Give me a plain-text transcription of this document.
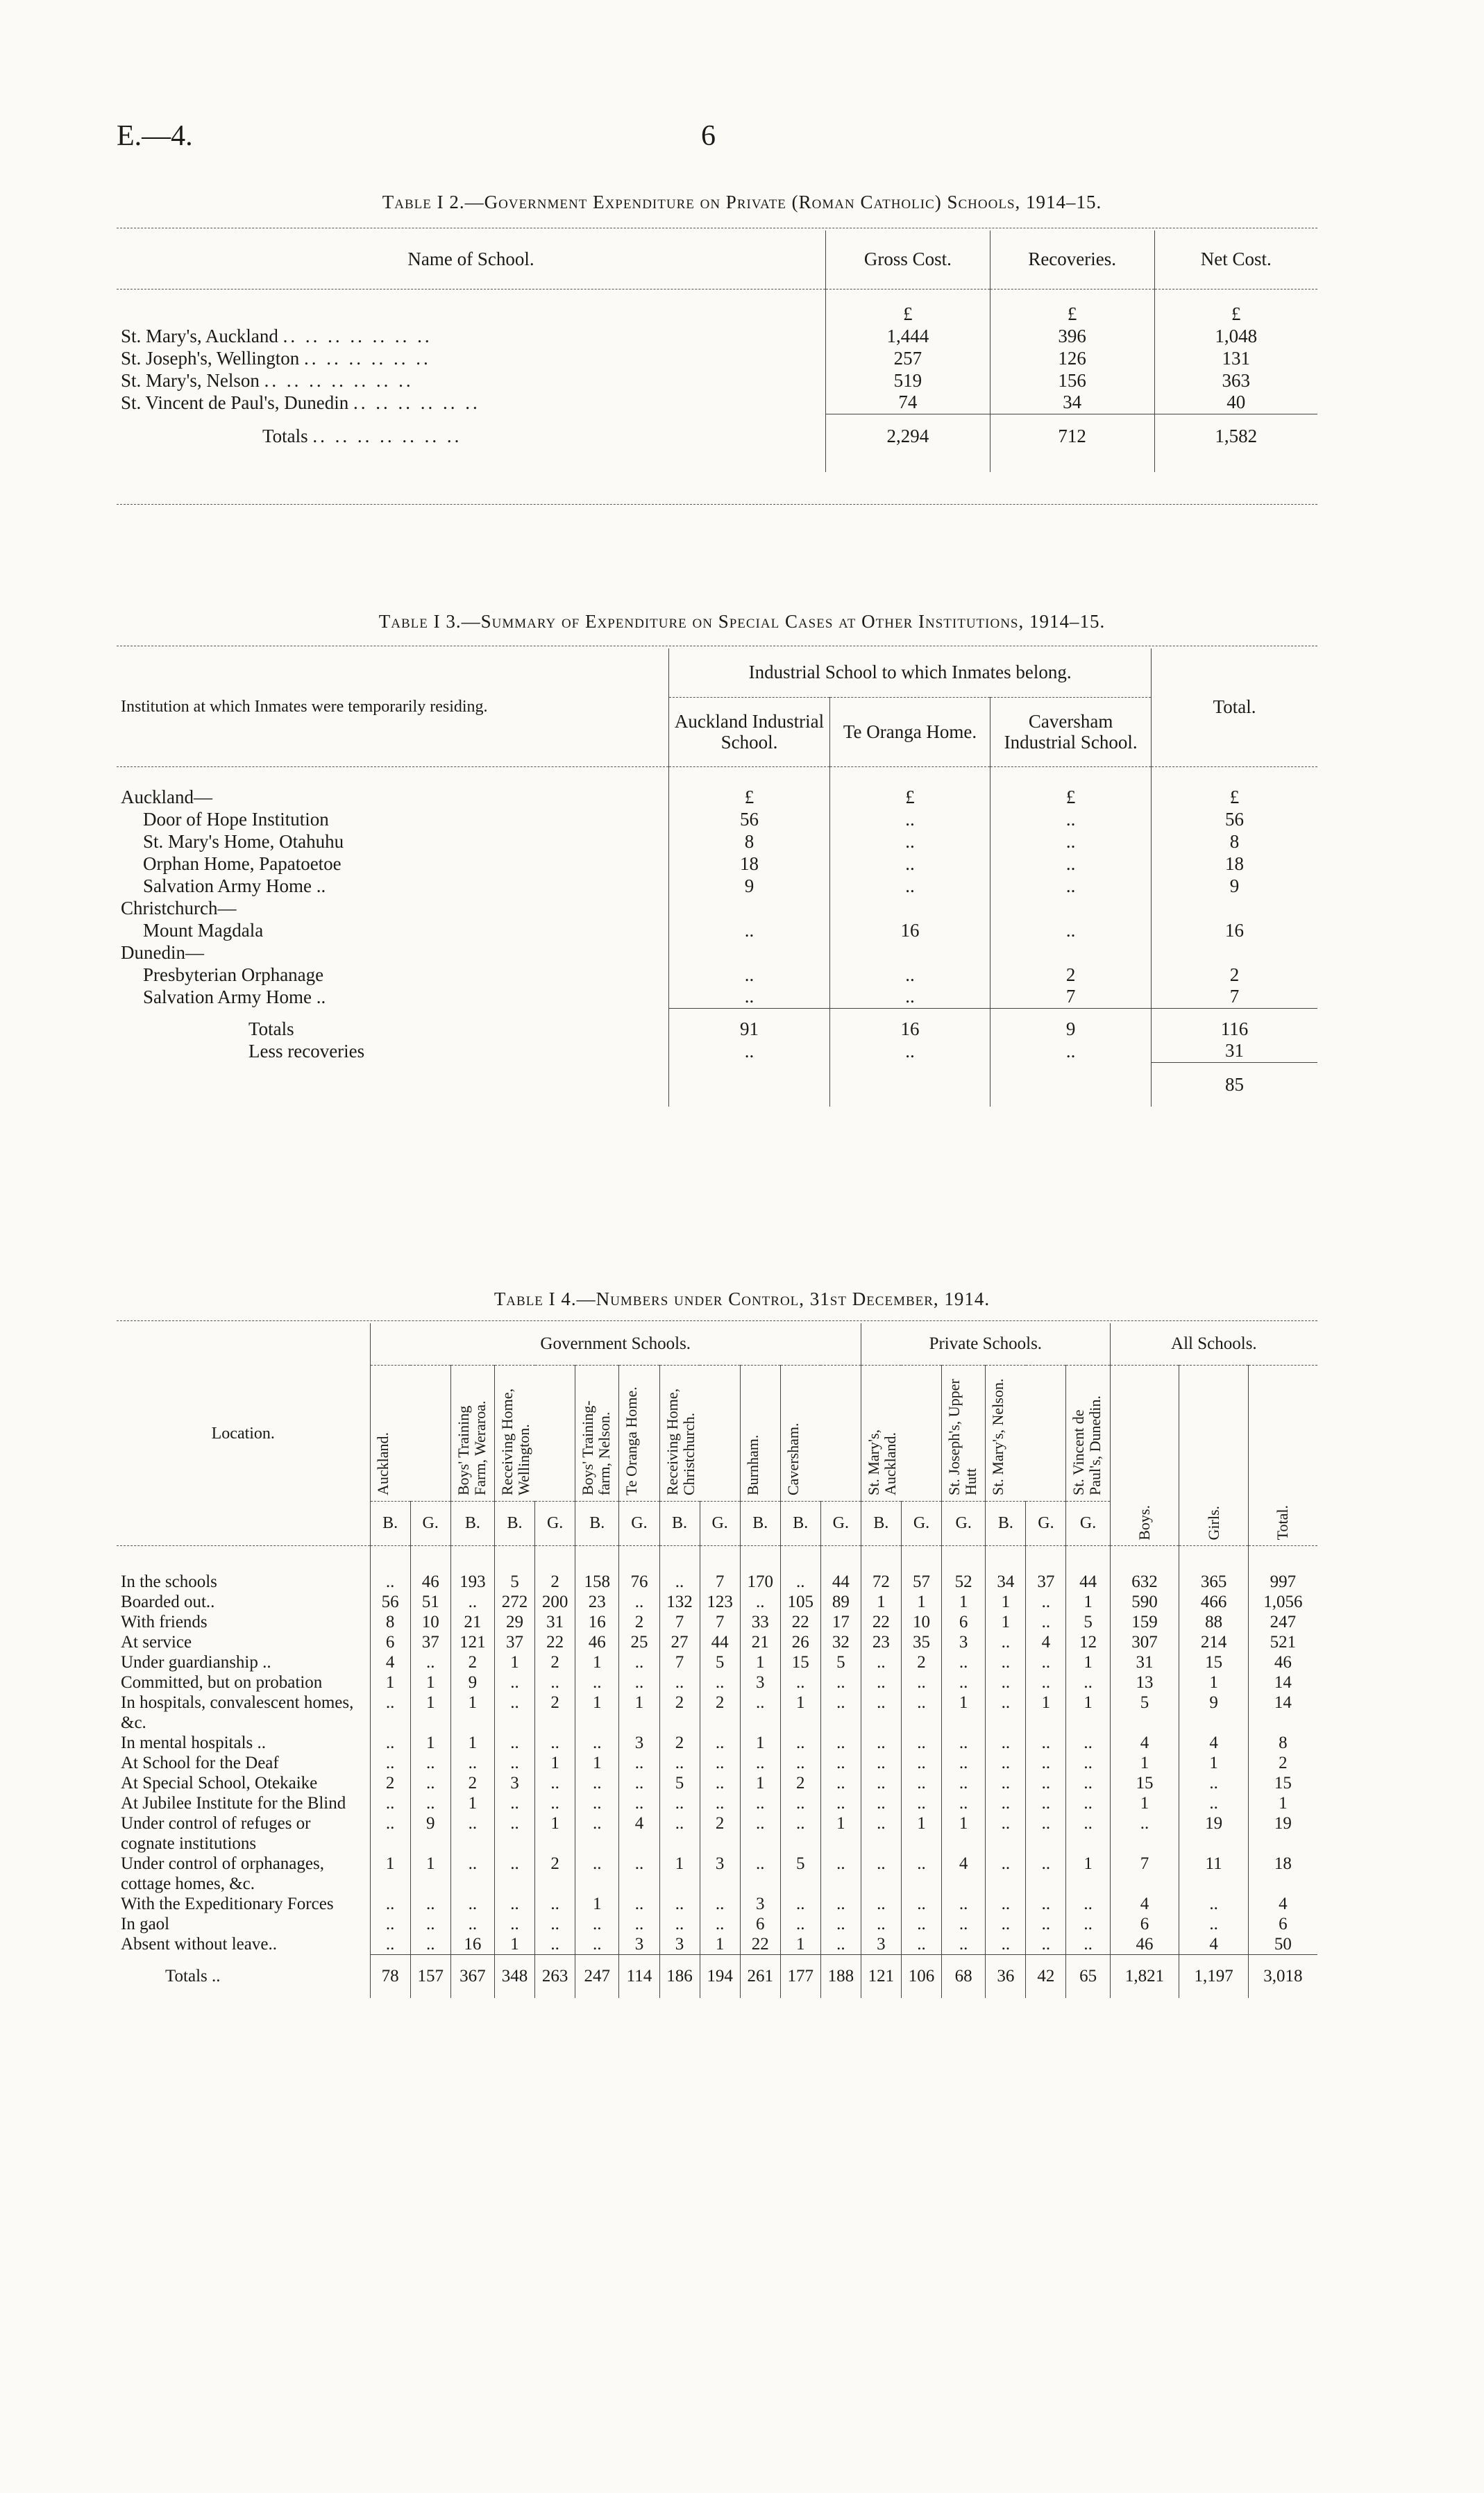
E.—4.	6
Table I 2.—Government Expenditure on Private (Roman Catholic) Schools, 1914–15.
Name of School.	Gross Cost.	Recoveries.	Net Cost.
	£	£	£
St. Mary's, Auckland .. .. .. .. .. .. ..	1,444	396	1,048
St. Joseph's, Wellington .. .. .. .. .. ..	257	126	131
St. Mary's, Nelson .. .. .. .. .. .. ..	519	156	363
St. Vincent de Paul's, Dunedin .. .. .. .. .. ..	74	34	40
Totals .. .. .. .. .. .. ..	2,294	712	1,582

Table I 3.—Summary of Expenditure on Special Cases at Other Institutions, 1914–15.
Institution at which Inmates were temporarily residing.	Industrial School to which Inmates belong.			Total.
	Auckland Industrial School.	Te Oranga Home.	Caversham Industrial School.	
Auckland—	£	£	£	£
Door of Hope Institution	56	..	..	56
St. Mary's Home, Otahuhu	8	..	..	8
Orphan Home, Papatoetoe	18	..	..	18
Salvation Army Home ..	9	..	..	9
Christchurch—				
Mount Magdala	..	16	..	16
Dunedin—				
Presbyterian Orphanage	..	..	2	2
Salvation Army Home ..	..	..	7	7
Totals	91	16	9	116
Less recoveries	..	..	..	31
				85
Table I 4.—Numbers under Control, 31st December, 1914.
Location.	Government Schools.												Private Schools.						All Schools.		

	Auckland.		Boys' Training Farm, Weraroa.	Receiving Home, Wellington.		Boys' Training-farm, Nelson.	Te Oranga Home.	Receiving Home, Christchurch.		Burnham.	Caversham.		St. Mary's, Auckland.		St. Joseph's, Upper Hutt	St. Mary's, Nelson.		St. Vincent de Paul's, Dunedin.	Boys.	Girls.	Total.
	B.	G.	B.	B.	G.	B.	G.	B.	G.	B.	B.	G.	B.	G.	G.	B.	G.	G.			

In the schools	..	46	193	5	2	158	76	..	7	170	..	44	72	57	52	34	37	44	632	365	997
Boarded out..	56	51	..	272	200	23	..	132	123	..	105	89	1	1	1	1	..	1	590	466	1,056
With friends	8	10	21	29	31	16	2	7	7	33	22	17	22	10	6	1	..	5	159	88	247
At service	6	37	121	37	22	46	25	27	44	21	26	32	23	35	3	..	4	12	307	214	521
Under guardianship ..	4	..	2	1	2	1	..	7	5	1	15	5	..	2	..	..	..	1	31	15	46
Committed, but on probation	1	1	9	..	..	..	..	..	..	3	..	..	..	..	..	..	..	..	13	1	14
In hospitals, convalescent homes, &c.	..	1	1	..	2	1	1	2	2	..	1	..	..	..	1	..	1	1	5	9	14
In mental hospitals ..	..	1	1	..	..	..	3	2	..	1	..	..	..	..	..	..	..	..	4	4	8
At School for the Deaf	..	..	..	..	1	1	..	..	..	..	..	..	..	..	..	..	..	..	1	1	2
At Special School, Otekaike	2	..	2	3	..	..	..	5	..	1	2	..	..	..	..	..	..	..	15	..	15
At Jubilee Institute for the Blind	..	..	1	..	..	..	..	..	..	..	..	..	..	..	..	..	..	..	1	..	1
Under control of refuges or cognate institutions	..	9	..	..	1	..	4	..	2	..	..	1	..	1	1	..	..	..	..	19	19
Under control of orphanages, cottage homes, &c.	1	1	..	..	2	..	..	1	3	..	5	..	..	..	4	..	..	1	7	11	18
With the Expeditionary Forces	..	..	..	..	..	1	..	..	..	3	..	..	..	..	..	..	..	..	4	..	4
In gaol	..	..	..	..	..	..	..	..	..	6	..	..	..	..	..	..	..	..	6	..	6
Absent without leave..	..	..	16	1	..	..	3	3	1	22	1	..	3	..	..	..	..	..	46	4	50
Totals ..	78	157	367	348	263	247	114	186	194	261	177	188	121	106	68	36	42	65	1,821	1,197	3,018
